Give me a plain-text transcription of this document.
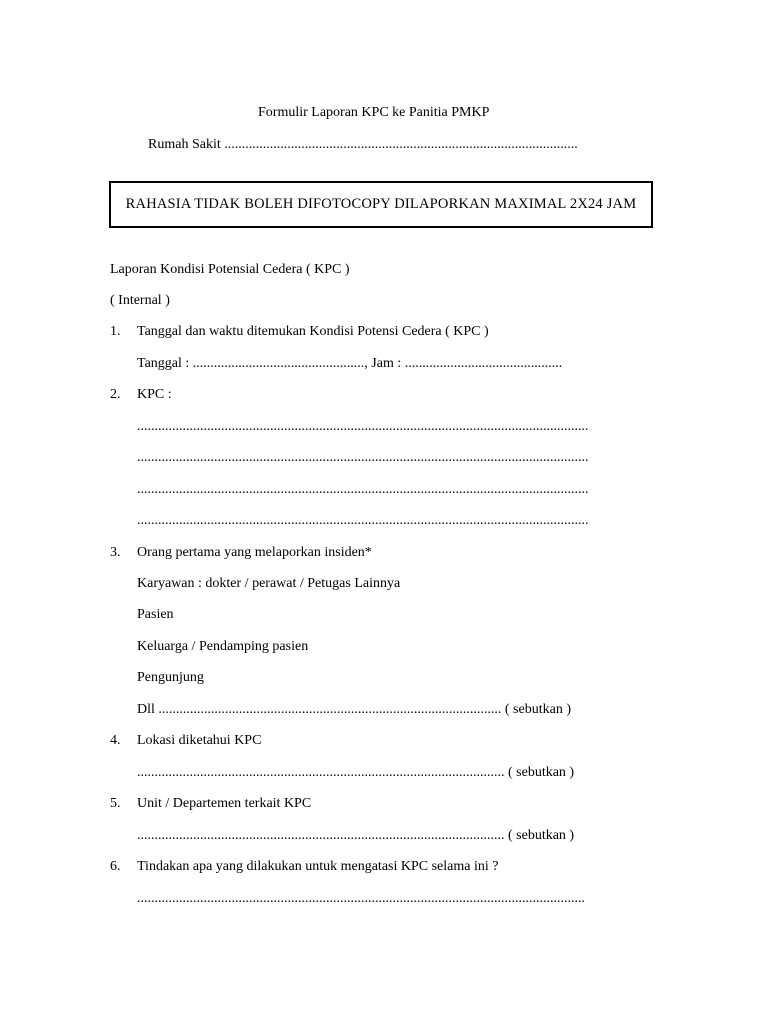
Formulir Laporan KPC ke Panitia PMKP
Rumah Sakit .....................................................................................................
RAHASIA TIDAK BOLEH DIFOTOCOPY DILAPORKAN MAXIMAL 2X24 JAM
Laporan Kondisi Potensial Cedera ( KPC )
( Internal )
1. Tanggal dan waktu ditemukan Kondisi Potensi Cedera ( KPC )
Tanggal : ................................................., Jam : .............................................
2. KPC :
.................................................................................................................................
.................................................................................................................................
.................................................................................................................................
.................................................................................................................................
3. Orang pertama yang melaporkan insiden*
Karyawan : dokter / perawat / Petugas Lainnya
Pasien
Keluarga / Pendamping pasien
Pengunjung
Dll .................................................................................................. ( sebutkan )
4. Lokasi diketahui KPC
......................................................................................................... ( sebutkan )
5. Unit / Departemen terkait KPC
......................................................................................................... ( sebutkan )
6. Tindakan apa yang dilakukan untuk mengatasi KPC selama ini ?
................................................................................................................................
